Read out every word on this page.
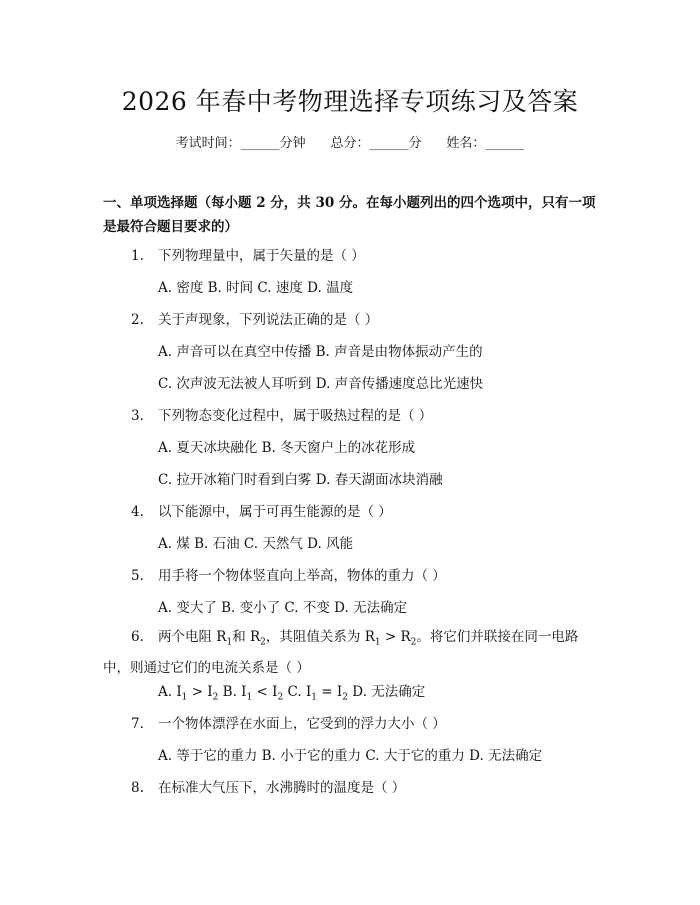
2026 年春中考物理选择专项练习及答案
考试时间：______分钟 总分：______分 姓名：______
一、单项选择题（每小题 2 分，共 30 分。在每小题列出的四个选项中，只有一项是最符合题目要求的）
1. 下列物理量中，属于矢量的是（ ）
A. 密度 B. 时间 C. 速度 D. 温度
2. 关于声现象，下列说法正确的是（ ）
A. 声音可以在真空中传播 B. 声音是由物体振动产生的
C. 次声波无法被人耳听到 D. 声音传播速度总比光速快
3. 下列物态变化过程中，属于吸热过程的是（ ）
A. 夏天冰块融化 B. 冬天窗户上的冰花形成
C. 拉开冰箱门时看到白雾 D. 春天湖面冰块消融
4. 以下能源中，属于可再生能源的是（ ）
A. 煤 B. 石油 C. 天然气 D. 风能
5. 用手将一个物体竖直向上举高，物体的重力（ ）
A. 变大了 B. 变小了 C. 不变 D. 无法确定
6. 两个电阻 $R_1$和 $R_2$，其阻值关系为 $R_1 > R_2$。将它们并联接在同一电路中，则通过它们的电流关系是（ ）
A. $I_1 > I_2$ B. $I_1 < I_2$ C. $I_1 = I_2$ D. 无法确定
7. 一个物体漂浮在水面上，它受到的浮力大小（ ）
A. 等于它的重力 B. 小于它的重力 C. 大于它的重力 D. 无法确定
8. 在标准大气压下，水沸腾时的温度是（ ）
